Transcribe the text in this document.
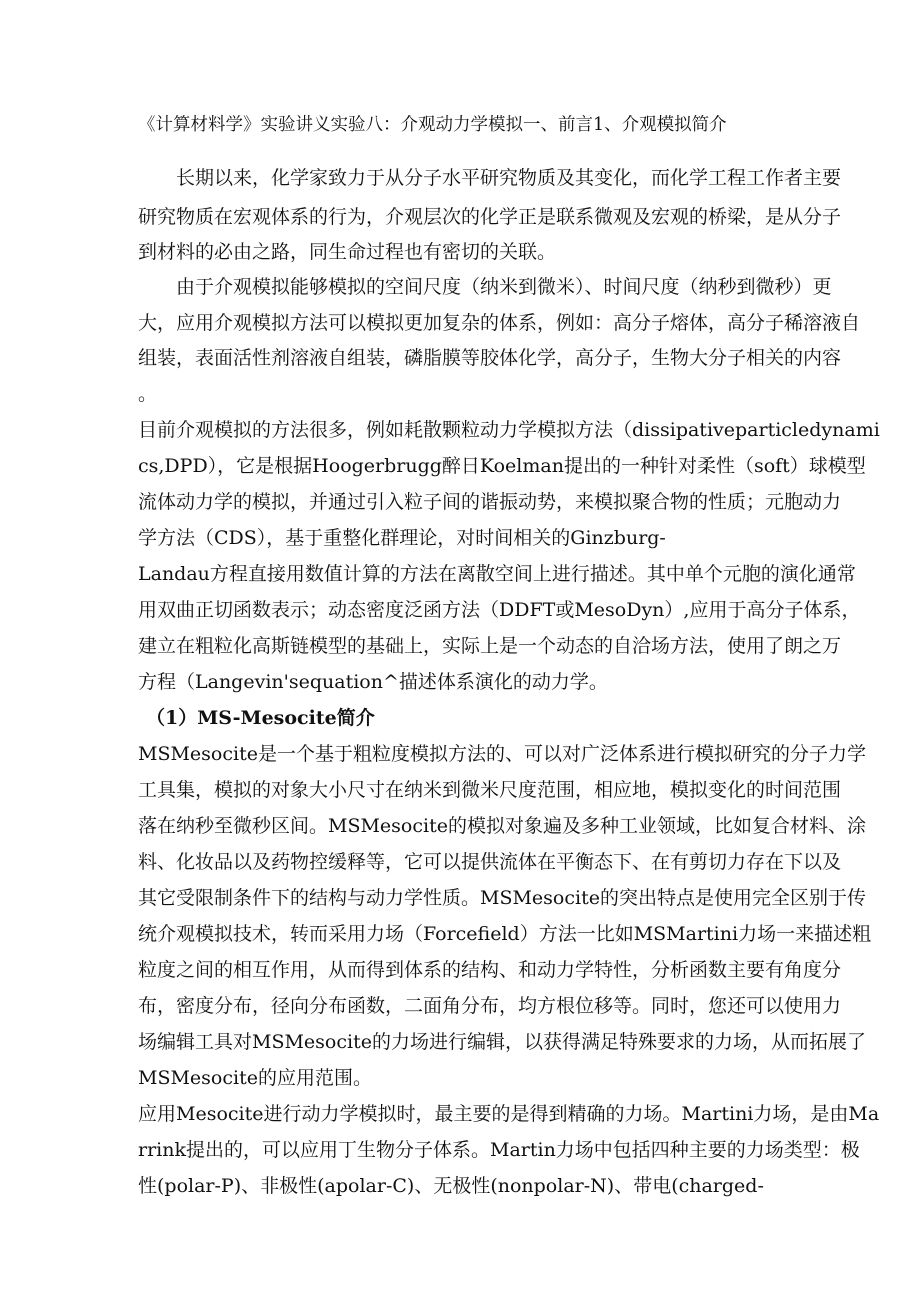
《计算材料学》实验讲义实验八：介观动力学模拟一、前言1、介观模拟简介
长期以来，化学家致力于从分子水平研究物质及其变化，而化学工程工作者主要
研究物质在宏观体系的行为，介观层次的化学正是联系微观及宏观的桥梁，是从分子
到材料的必由之路，同生命过程也有密切的关联。
由于介观模拟能够模拟的空间尺度（纳米到微米）、时间尺度（纳秒到微秒）更
大，应用介观模拟方法可以模拟更加复杂的体系，例如：高分子熔体，高分子稀溶液自
组装，表面活性剂溶液自组装，磷脂膜等胶体化学，高分子，生物大分子相关的内容
。
目前介观模拟的方法很多，例如耗散颗粒动力学模拟方法（dissipativeparticledynami
cs,DPD），它是根据Hoogerbrugg醉日Koelman提出的一种针对柔性（soft）球模型
流体动力学的模拟，并通过引入粒子间的谐振动势，来模拟聚合物的性质；元胞动力
学方法（CDS），基于重整化群理论，对时间相关的Ginzburg-
Landau方程直接用数值计算的方法在离散空间上进行描述。其中单个元胞的演化通常
用双曲正切函数表示；动态密度泛函方法（DDFT或MesoDyn）,应用于高分子体系，
建立在粗粒化高斯链模型的基础上，实际上是一个动态的自洽场方法，使用了朗之万
方程（Langevin'sequation^描述体系演化的动力学。
（1）MS-Mesocite简介
MSMesocite是一个基于粗粒度模拟方法的、可以对广泛体系进行模拟研究的分子力学
工具集，模拟的对象大小尺寸在纳米到微米尺度范围，相应地，模拟变化的时间范围
落在纳秒至微秒区间。MSMesocite的模拟对象遍及多种工业领域，比如复合材料、涂
料、化妆品以及药物控缓释等，它可以提供流体在平衡态下、在有剪切力存在下以及
其它受限制条件下的结构与动力学性质。MSMesocite的突出特点是使用完全区别于传
统介观模拟技术，转而采用力场（Forcefield）方法一比如MSMartini力场一来描述粗
粒度之间的相互作用，从而得到体系的结构、和动力学特性，分析函数主要有角度分
布，密度分布，径向分布函数，二面角分布，均方根位移等。同时，您还可以使用力
场编辑工具对MSMesocite的力场进行编辑，以获得满足特殊要求的力场，从而拓展了
MSMesocite的应用范围。
应用Mesocite进行动力学模拟时，最主要的是得到精确的力场。Martini力场，是由Ma
rrink提出的，可以应用丁生物分子体系。Martin力场中包括四种主要的力场类型：极
性(polar-P)、非极性(apolar-C)、无极性(nonpolar-N)、带电(charged-
